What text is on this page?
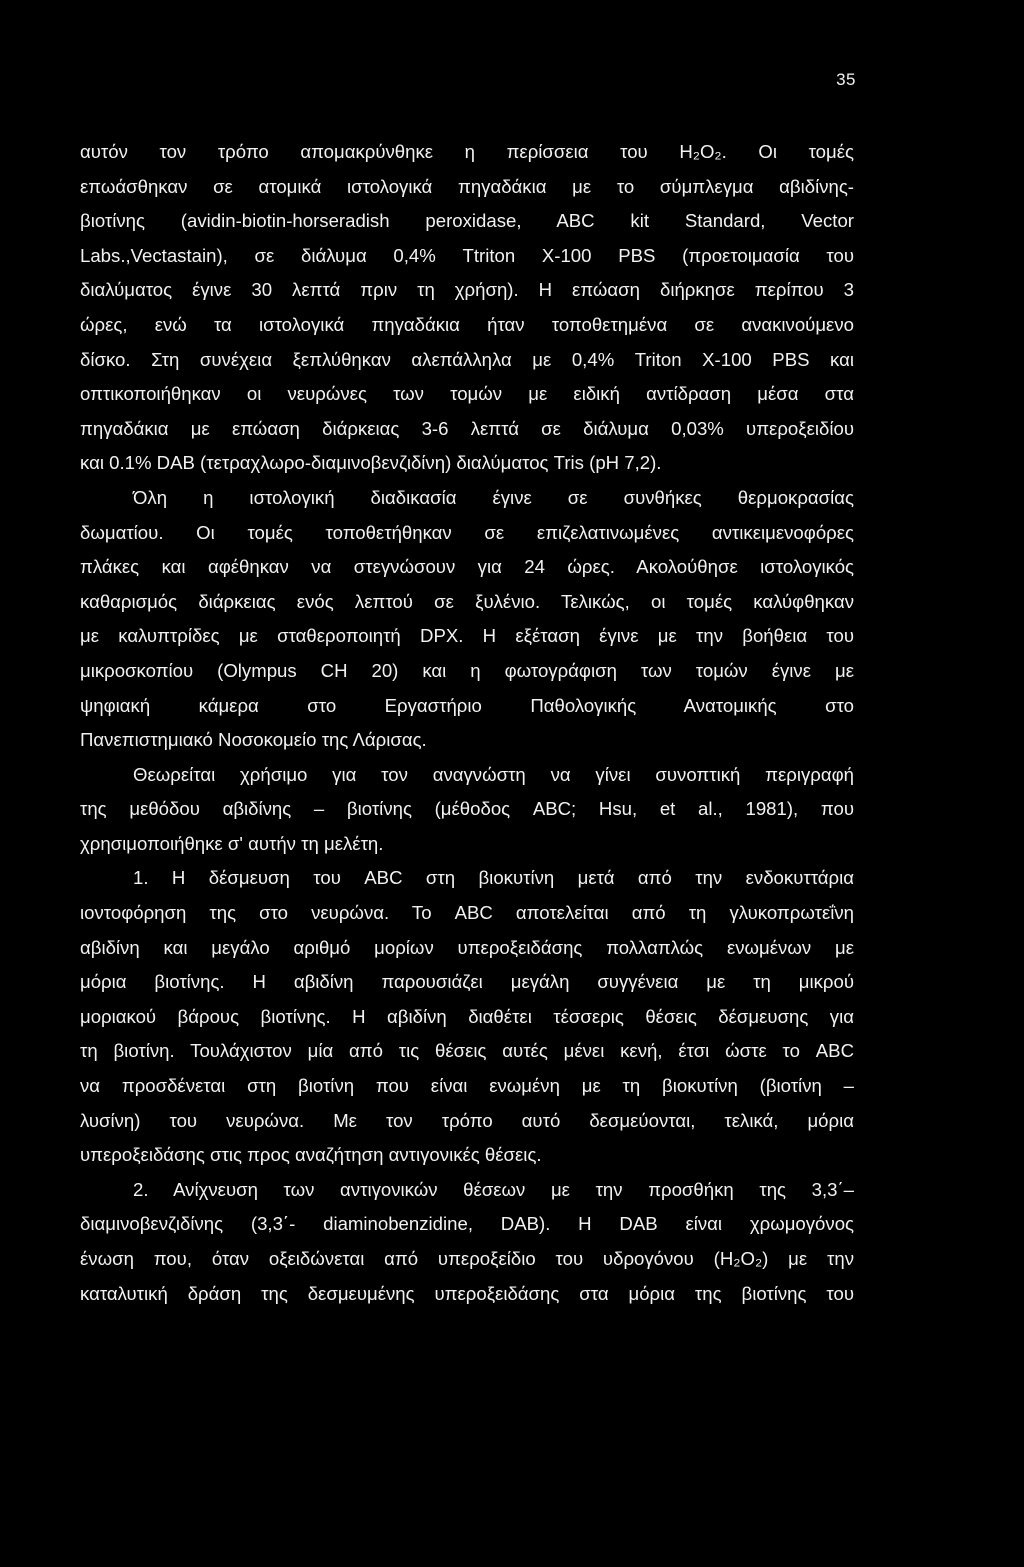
35
αυτόν τον τρόπο απομακρύνθηκε η περίσσεια του H₂O₂. Οι τομές
επωάσθηκαν σε ατομικά ιστολογικά πηγαδάκια με το σύμπλεγμα αβιδίνης-
βιοτίνης (avidin-biotin-horseradish peroxidase, ABC kit Standard, Vector
Labs.,Vectastain), σε διάλυμα 0,4% Ttriton X-100 PBS (προετοιμασία του
διαλύματος έγινε 30 λεπτά πριν τη χρήση). Η επώαση διήρκησε περίπου 3
ώρες, ενώ τα ιστολογικά πηγαδάκια ήταν τοποθετημένα σε ανακινούμενο
δίσκο. Στη συνέχεια ξεπλύθηκαν αλεπάλληλα με 0,4% Triton X-100 PBS και
οπτικοποιήθηκαν οι νευρώνες των τομών με ειδική αντίδραση μέσα στα
πηγαδάκια με επώαση διάρκειας 3-6 λεπτά σε διάλυμα 0,03% υπεροξειδίου
και 0.1% DAB (τετραχλωρο-διαμινοβενζιδίνη) διαλύματος Tris (pH 7,2).
Όλη η ιστολογική διαδικασία έγινε σε συνθήκες θερμοκρασίας
δωματίου. Οι τομές τοποθετήθηκαν σε επιζελατινωμένες αντικειμενοφόρες
πλάκες και αφέθηκαν να στεγνώσουν για 24 ώρες. Ακολούθησε ιστολογικός
καθαρισμός διάρκειας ενός λεπτού σε ξυλένιο. Τελικώς, οι τομές καλύφθηκαν
με καλυπτρίδες με σταθεροποιητή DPX. Η εξέταση έγινε με την βοήθεια του
μικροσκοπίου (Olympus CH 20) και η φωτογράφιση των τομών έγινε με
ψηφιακή κάμερα στο Εργαστήριο Παθολογικής Ανατομικής στο
Πανεπιστημιακό Νοσοκομείο της Λάρισας.
Θεωρείται χρήσιμο για τον αναγνώστη να γίνει συνοπτική περιγραφή
της μεθόδου αβιδίνης – βιοτίνης (μέθοδος ABC; Hsu, et al., 1981), που
χρησιμοποιήθηκε σ' αυτήν τη μελέτη.
1. Η δέσμευση του ABC στη βιοκυτίνη μετά από την ενδοκυττάρια
ιοντοφόρηση της στο νευρώνα. Το ABC αποτελείται από τη γλυκοπρωτεΐνη
αβιδίνη και μεγάλο αριθμό μορίων υπεροξειδάσης πολλαπλώς ενωμένων με
μόρια βιοτίνης. Η αβιδίνη παρουσιάζει μεγάλη συγγένεια με τη μικρού
μοριακού βάρους βιοτίνης. Η αβιδίνη διαθέτει τέσσερις θέσεις δέσμευσης για
τη βιοτίνη. Τουλάχιστον μία από τις θέσεις αυτές μένει κενή, έτσι ώστε το ABC
να προσδένεται στη βιοτίνη που είναι ενωμένη με τη βιοκυτίνη (βιοτίνη –
λυσίνη) του νευρώνα. Με τον τρόπο αυτό δεσμεύονται, τελικά, μόρια
υπεροξειδάσης στις προς αναζήτηση αντιγονικές θέσεις.
2. Ανίχνευση των αντιγονικών θέσεων με την προσθήκη της 3,3΄–
διαμινοβενζιδίνης (3,3΄- diaminobenzidine, DAB). Η DAB είναι χρωμογόνος
ένωση που, όταν οξειδώνεται από υπεροξείδιο του υδρογόνου (H₂O₂) με την
καταλυτική δράση της δεσμευμένης υπεροξειδάσης στα μόρια της βιοτίνης του
